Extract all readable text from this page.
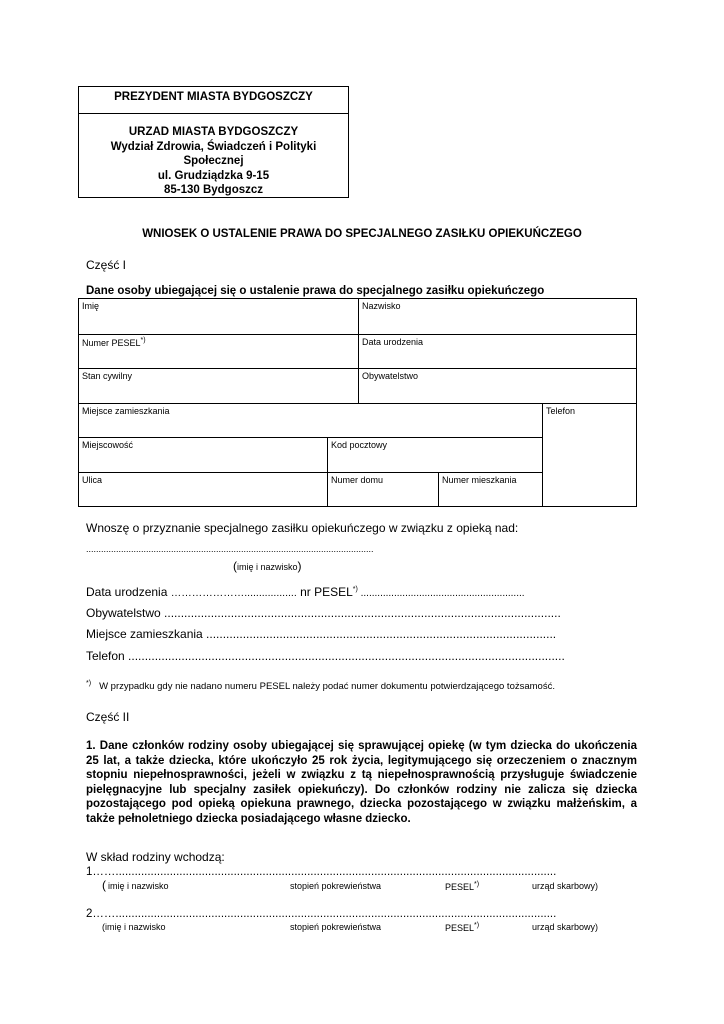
PREZYDENT MIASTA BYDGOSZCZY
URZAD MIASTA BYDGOSZCZY
Wydział Zdrowia, Świadczeń i Polityki
Społecznej
ul. Grudziądzka 9-15
85-130 Bydgoszcz
WNIOSEK O USTALENIE PRAWA DO SPECJALNEGO ZASIŁKU OPIEKUŃCZEGO
Część I
Dane osoby ubiegającej się o ustalenie prawa do specjalnego zasiłku opiekuńczego
Imię	Nazwisko
Numer PESEL*)	Data urodzenia
Stan cywilny	Obywatelstwo
Miejsce zamieszkania	Telefon
Miejscowość	Kod pocztowy
Ulica	Numer domu	Numer mieszkania
Wnoszę o przyznanie specjalnego zasiłku opiekuńczego w związku z opieką nad:
...................................................................................................................
(imię i nazwisko)
Data urodzenia ………………….................. nr PESEL*) ...........................................................
Obywatelstwo .......................................................................................................................
Miejsce zamieszkania .........................................................................................................
Telefon ...................................................................................................................................
*) W przypadku gdy nie nadano numeru PESEL należy podać numer dokumentu potwierdzającego tożsamość.
Część II
1. Dane członków rodziny osoby ubiegającej się sprawującej opiekę (w tym dziecka do ukończenia 25 lat, a także dziecka, które ukończyło 25 rok życia, legitymującego się orzeczeniem o znacznym stopniu niepełnosprawności, jeżeli w związku z tą niepełnosprawnością przysługuje świadczenie pielęgnacyjne lub specjalny zasiłek opiekuńczy). Do członków rodziny nie zalicza się dziecka pozostającego pod opieką opiekuna prawnego, dziecka pozostającego w związku małżeńskim, a także pełnoletniego dziecka posiadającego własne dziecko.
W skład rodziny wchodzą:
1……..........................................................................................................................................
( imię i nazwisko	stopień pokrewieństwa	PESEL*)	urząd skarbowy)
2……..........................................................................................................................................
(imię i nazwisko	stopień pokrewieństwa	PESEL*)	urząd skarbowy)
